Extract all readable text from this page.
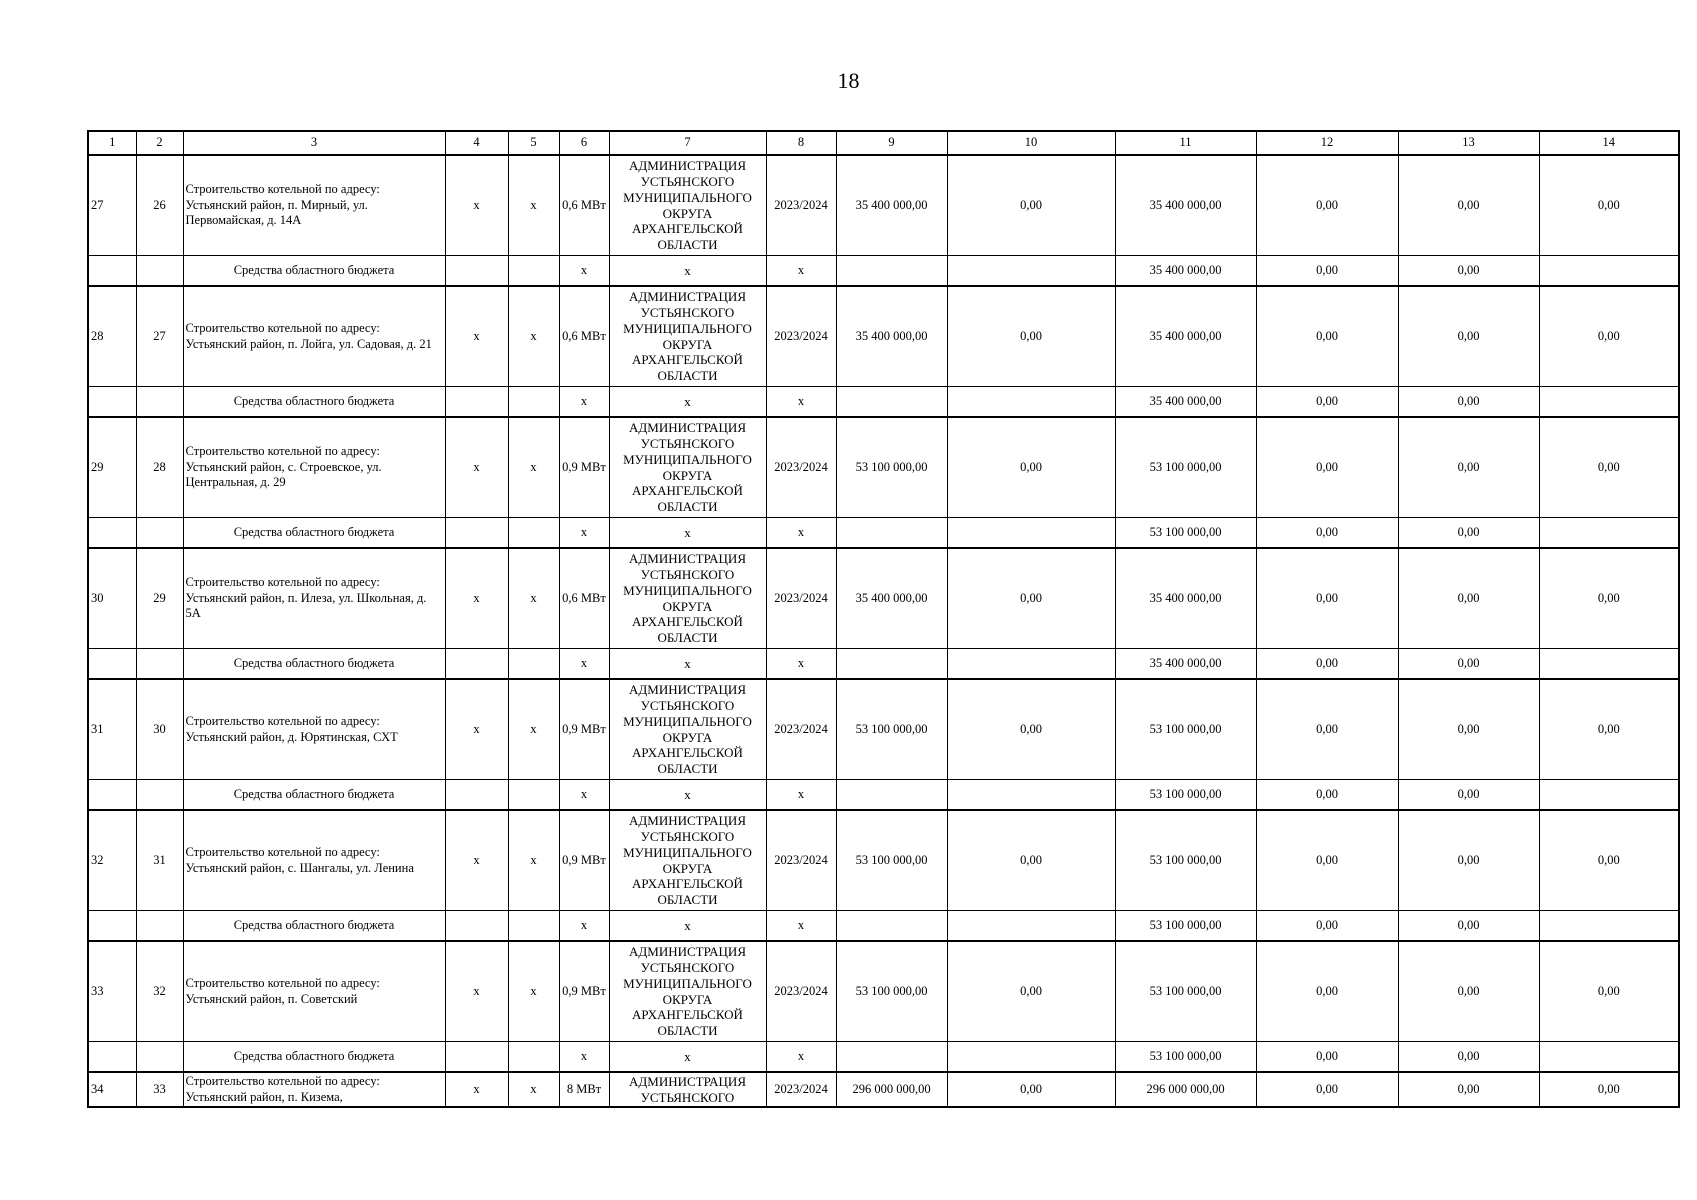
18
1	2	3	4	5	6	7	8	9	10	11	12	13	14
27	26	Строительство котельной по адресу: Устьянский район, п. Мирный, ул. Первомайская, д. 14А	х	х	0,6 МВт	АДМИНИСТРАЦИЯ УСТЬЯНСКОГО МУНИЦИПАЛЬНОГО ОКРУГА АРХАНГЕЛЬСКОЙ ОБЛАСТИ	2023/2024	35 400 000,00	0,00	35 400 000,00	0,00	0,00	0,00
		Средства областного бюджета			х	х	х			35 400 000,00	0,00	0,00	
28	27	Строительство котельной по адресу: Устьянский район, п. Лойга, ул. Садовая, д. 21	х	х	0,6 МВт	АДМИНИСТРАЦИЯ УСТЬЯНСКОГО МУНИЦИПАЛЬНОГО ОКРУГА АРХАНГЕЛЬСКОЙ ОБЛАСТИ	2023/2024	35 400 000,00	0,00	35 400 000,00	0,00	0,00	0,00
		Средства областного бюджета			х	х	х			35 400 000,00	0,00	0,00	
29	28	Строительство котельной по адресу: Устьянский район, с. Строевское, ул. Центральная, д. 29	х	х	0,9 МВт	АДМИНИСТРАЦИЯ УСТЬЯНСКОГО МУНИЦИПАЛЬНОГО ОКРУГА АРХАНГЕЛЬСКОЙ ОБЛАСТИ	2023/2024	53 100 000,00	0,00	53 100 000,00	0,00	0,00	0,00
		Средства областного бюджета			х	х	х			53 100 000,00	0,00	0,00	
30	29	Строительство котельной по адресу: Устьянский район, п. Илеза, ул. Школьная, д. 5А	х	х	0,6 МВт	АДМИНИСТРАЦИЯ УСТЬЯНСКОГО МУНИЦИПАЛЬНОГО ОКРУГА АРХАНГЕЛЬСКОЙ ОБЛАСТИ	2023/2024	35 400 000,00	0,00	35 400 000,00	0,00	0,00	0,00
		Средства областного бюджета			х	х	х			35 400 000,00	0,00	0,00	
31	30	Строительство котельной по адресу: Устьянский район, д. Юрятинская, СХТ	х	х	0,9 МВт	АДМИНИСТРАЦИЯ УСТЬЯНСКОГО МУНИЦИПАЛЬНОГО ОКРУГА АРХАНГЕЛЬСКОЙ ОБЛАСТИ	2023/2024	53 100 000,00	0,00	53 100 000,00	0,00	0,00	0,00
		Средства областного бюджета			х	х	х			53 100 000,00	0,00	0,00	
32	31	Строительство котельной по адресу: Устьянский район, с. Шангалы, ул. Ленина	х	х	0,9 МВт	АДМИНИСТРАЦИЯ УСТЬЯНСКОГО МУНИЦИПАЛЬНОГО ОКРУГА АРХАНГЕЛЬСКОЙ ОБЛАСТИ	2023/2024	53 100 000,00	0,00	53 100 000,00	0,00	0,00	0,00
		Средства областного бюджета			х	х	х			53 100 000,00	0,00	0,00	
33	32	Строительство котельной по адресу: Устьянский район, п. Советский	х	х	0,9 МВт	АДМИНИСТРАЦИЯ УСТЬЯНСКОГО МУНИЦИПАЛЬНОГО ОКРУГА АРХАНГЕЛЬСКОЙ ОБЛАСТИ	2023/2024	53 100 000,00	0,00	53 100 000,00	0,00	0,00	0,00
		Средства областного бюджета			х	х	х			53 100 000,00	0,00	0,00	
34	33	Строительство котельной по адресу: Устьянский район, п. Кизема,	х	х	8 МВт	АДМИНИСТРАЦИЯ УСТЬЯНСКОГО	2023/2024	296 000 000,00	0,00	296 000 000,00	0,00	0,00	0,00
